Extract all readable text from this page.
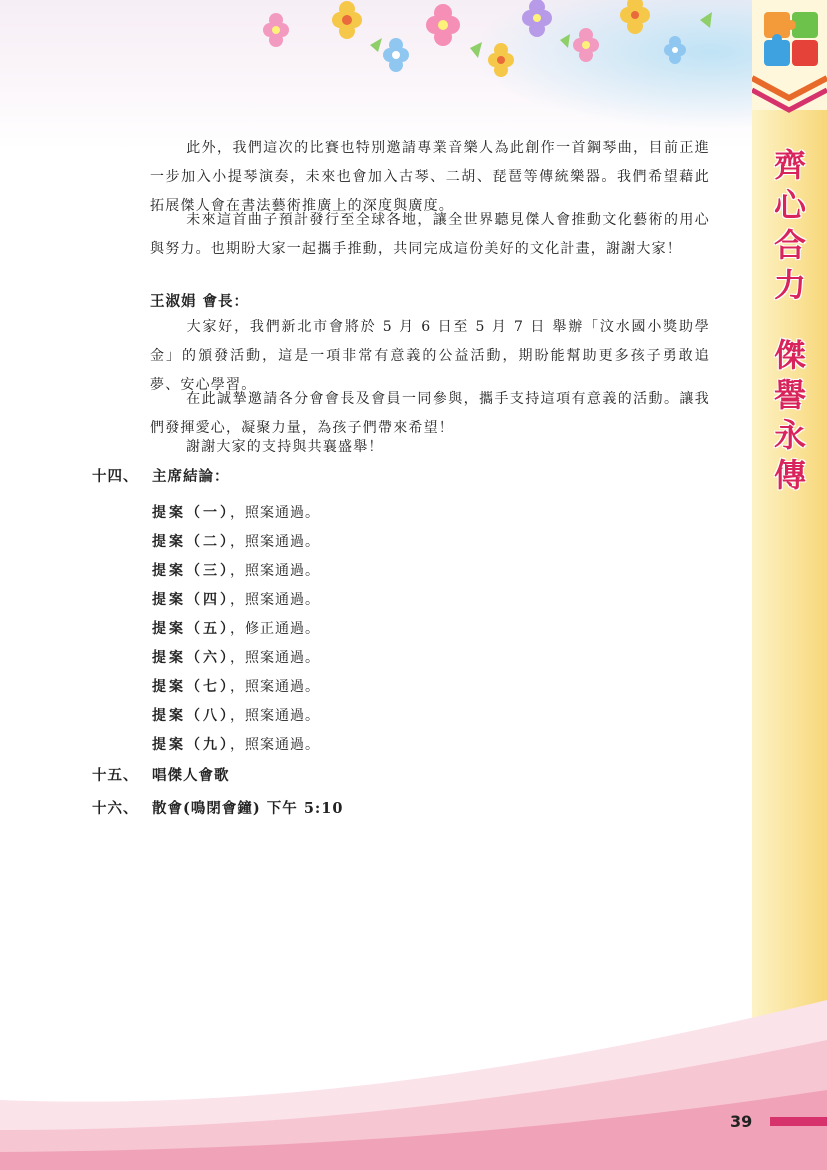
齊
心
合
力
傑
譽
永
傳
此外，我們這次的比賽也特別邀請專業音樂人為此創作一首鋼琴曲，目前正進一步加入小提琴演奏，未來也會加入古琴、二胡、琵琶等傳統樂器。我們希望藉此拓展傑人會在書法藝術推廣上的深度與廣度。
未來這首曲子預計發行至全球各地，讓全世界聽見傑人會推動文化藝術的用心與努力。也期盼大家一起攜手推動，共同完成這份美好的文化計畫，謝謝大家！
王淑娟 會長：
大家好，我們新北市會將於 5 月 6 日至 5 月 7 日 舉辦「汶水國小獎助學金」的頒發活動，這是一項非常有意義的公益活動，期盼能幫助更多孩子勇敢追夢、安心學習。
在此誠摯邀請各分會會長及會員一同參與，攜手支持這項有意義的活動。讓我們發揮愛心，凝聚力量，為孩子們帶來希望！
謝謝大家的支持與共襄盛舉！
十四、 主席結論：
提案（一），照案通過。
提案（二），照案通過。
提案（三），照案通過。
提案（四），照案通過。
提案（五），修正通過。
提案（六），照案通過。
提案（七），照案通過。
提案（八），照案通過。
提案（九），照案通過。
十五、 唱傑人會歌
十六、 散會(鳴閉會鐘) 下午 5:10
39
